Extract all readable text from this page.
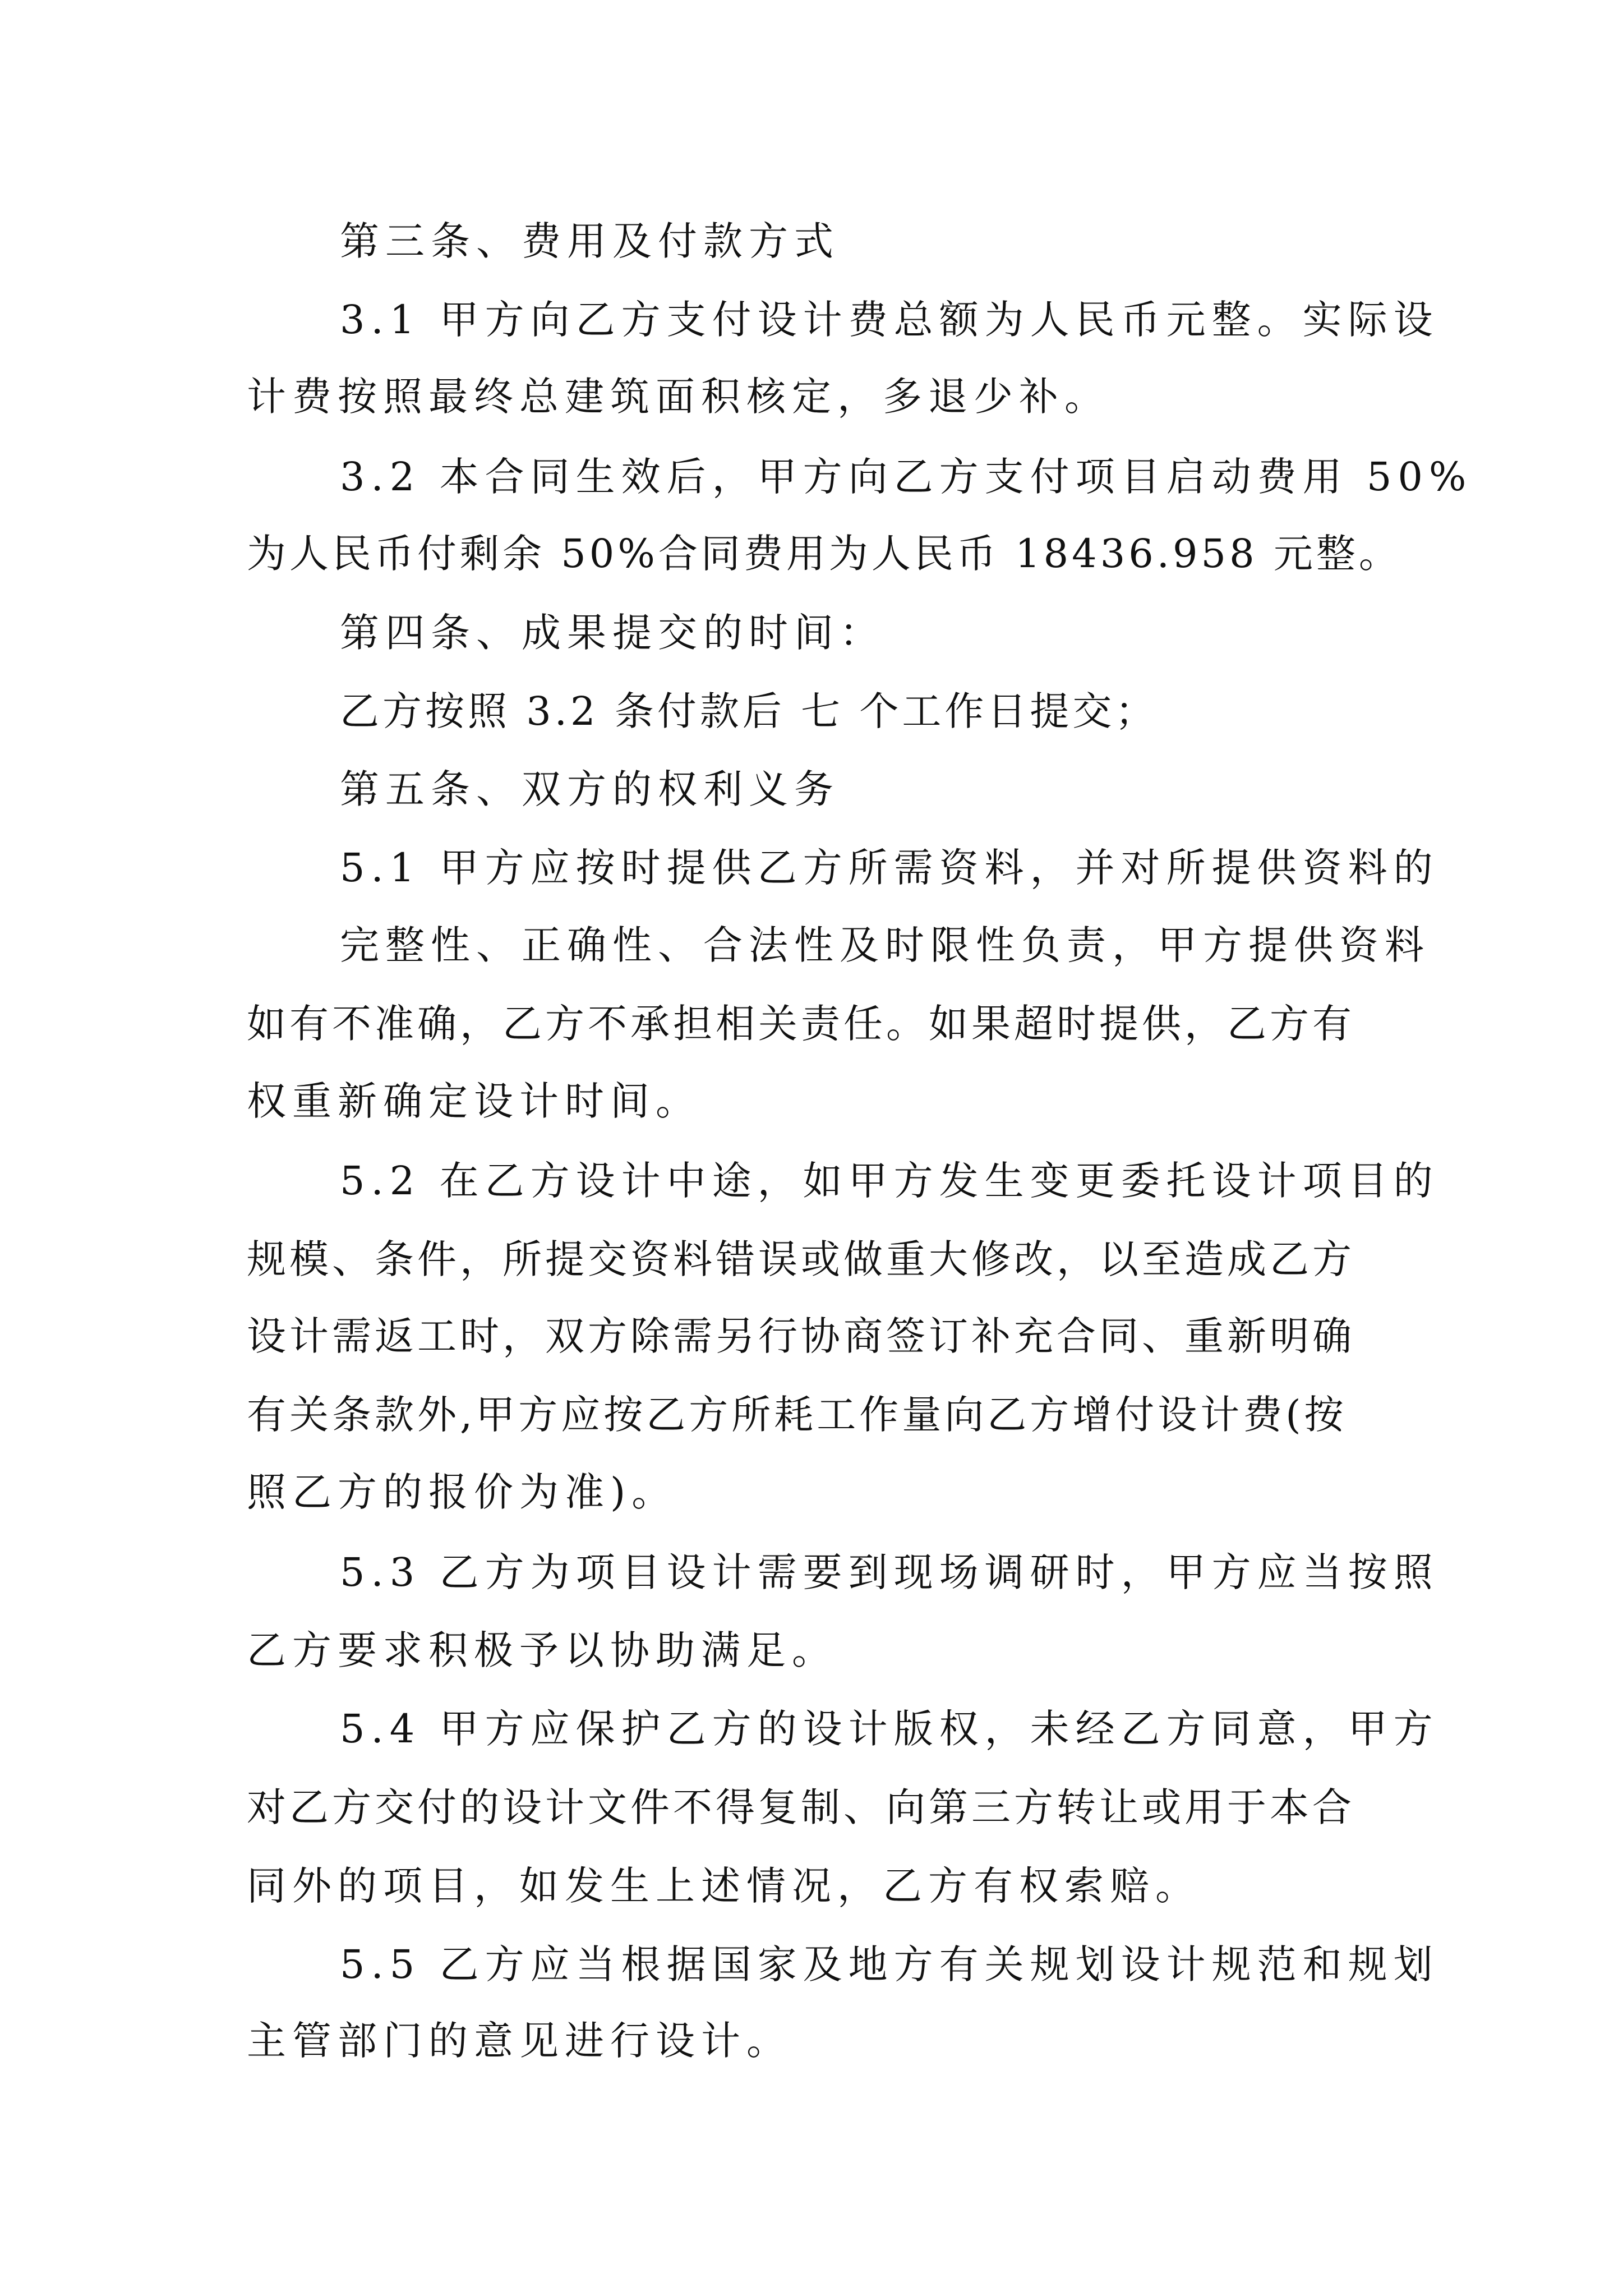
第三条、费用及付款方式
3.1 甲方向乙方支付设计费总额为人民币元整。实际设
计费按照最终总建筑面积核定，多退少补。
3.2 本合同生效后，甲方向乙方支付项目启动费用 50%
为人民币付剩余 50%合同费用为人民币 18436.958 元整。
第四条、成果提交的时间：
乙方按照 3.2 条付款后 七 个工作日提交；
第五条、双方的权利义务
5.1 甲方应按时提供乙方所需资料，并对所提供资料的
完整性、正确性、合法性及时限性负责，甲方提供资料
如有不准确，乙方不承担相关责任。如果超时提供，乙方有
权重新确定设计时间。
5.2 在乙方设计中途，如甲方发生变更委托设计项目的
规模、条件，所提交资料错误或做重大修改，以至造成乙方
设计需返工时，双方除需另行协商签订补充合同、重新明确
有关条款外,甲方应按乙方所耗工作量向乙方增付设计费(按
照乙方的报价为准)。
5.3 乙方为项目设计需要到现场调研时，甲方应当按照
乙方要求积极予以协助满足。
5.4 甲方应保护乙方的设计版权，未经乙方同意，甲方
对乙方交付的设计文件不得复制、向第三方转让或用于本合
同外的项目，如发生上述情况，乙方有权索赔。
5.5 乙方应当根据国家及地方有关规划设计规范和规划
主管部门的意见进行设计。
